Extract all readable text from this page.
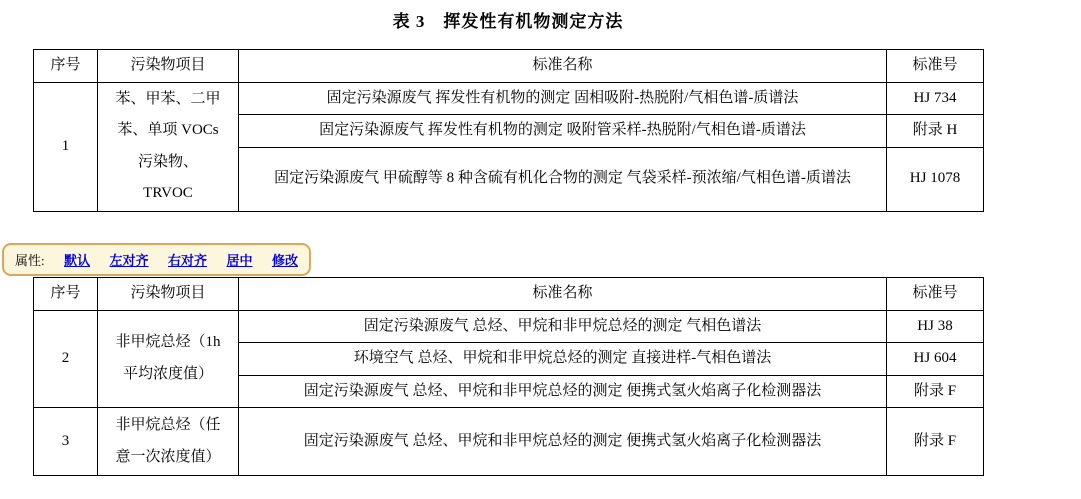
表 3　挥发性有机物测定方法
序号	污染物项目	标准名称	标准号
1	苯、甲苯、二甲苯、单项 VOCs 污染物、TRVOC	固定污染源废气 挥发性有机物的测定 固相吸附-热脱附/气相色谱-质谱法	HJ 734
		固定污染源废气 挥发性有机物的测定 吸附管采样-热脱附/气相色谱-质谱法	附录 H
		固定污染源废气 甲硫醇等 8 种含硫有机化合物的测定 气袋采样-预浓缩/气相色谱-质谱法	HJ 1078
属性: 默认 左对齐 右对齐 居中 修改
序号	污染物项目	标准名称	标准号
2	非甲烷总烃（1h 平均浓度值）	固定污染源废气 总烃、甲烷和非甲烷总烃的测定 气相色谱法	HJ 38
		环境空气 总烃、甲烷和非甲烷总烃的测定 直接进样-气相色谱法	HJ 604
		固定污染源废气 总烃、甲烷和非甲烷总烃的测定 便携式氢火焰离子化检测器法	附录 F
3	非甲烷总烃（任意一次浓度值）	固定污染源废气 总烃、甲烷和非甲烷总烃的测定 便携式氢火焰离子化检测器法	附录 F
